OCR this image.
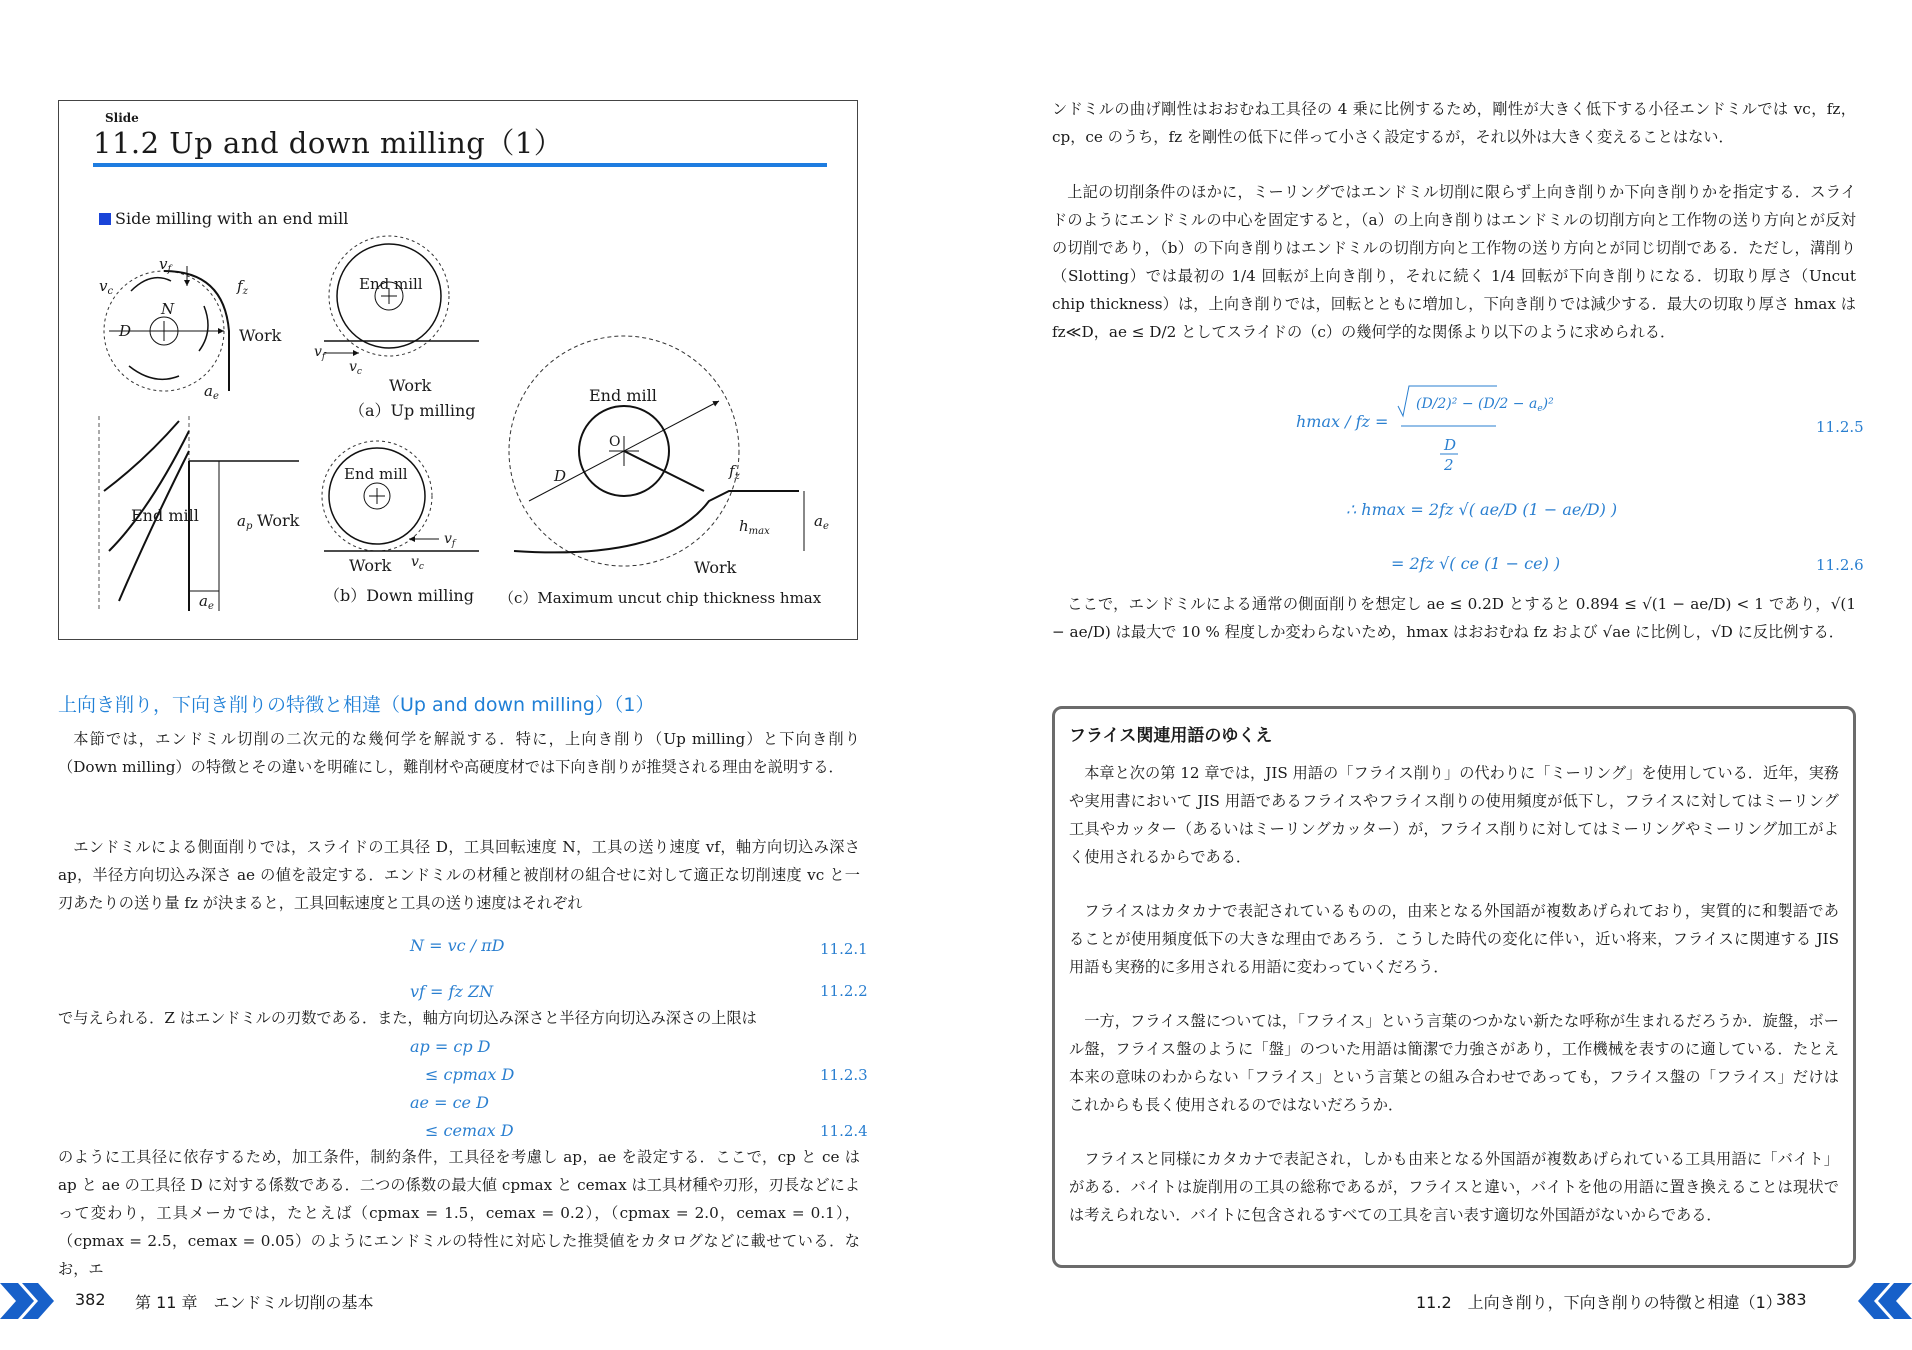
Slide
11.2 Up and down milling（1）
Side milling with an end mill
$v_f$
$v_c$
N
D
$f_z$
Work
$a_e$
End mill	$a_p$ Work
$a_e$
End mill
$v_f$
$v_c$
Work
（a）Up milling
End mill
$v_f$
$v_c$
Work
（b）Down milling
End mill
O
D	$f_z$
$h_{max}$
$a_e$
Work
（c）Maximum uncut chip thickness hmax
上向き削り，下向き削りの特徴と相違（Up and down milling）（1）

本節では，エンドミル切削の二次元的な幾何学を解説する．特に，上向き削り（Up milling）と下向き削り（Down milling）の特徴とその違いを明確にし，難削材や高硬度材では下向き削りが推奨される理由を説明する．

エンドミルによる側面削りでは，スライドの工具径 D，工具回転速度 N，工具の送り速度 vf，軸方向切込み深さ ap，半径方向切込み深さ ae の値を設定する．エンドミルの材種と被削材の組合せに対して適正な切削速度 vc と一刃あたりの送り量 fz が決まると，工具回転速度と工具の送り速度はそれぞれ

N = vc / πD	11.2.1
vf = fz ZN	11.2.2

で与えられる．Z はエンドミルの刃数である．また，軸方向切込み深さと半径方向切込み深さの上限は

ap = cp D
≤ cpmax D	11.2.3
ae = ce D
≤ cemax D	11.2.4

のように工具径に依存するため，加工条件，制約条件，工具径を考慮し ap，ae を設定する．ここで，cp と ce は ap と ae の工具径 D に対する係数である．二つの係数の最大値 cpmax と cemax は工具材種や刃形，刃長などによって変わり，工具メーカでは，たとえば（cpmax = 1.5，cemax = 0.2），（cpmax = 2.0，cemax = 0.1），（cpmax = 2.5，cemax = 0.05）のようにエンドミルの特性に対応した推奨値をカタログなどに載せている．なお，エ

382 第 11 章　エンドミル切削の基本

ンドミルの曲げ剛性はおおむね工具径の 4 乗に比例するため，剛性が大きく低下する小径エンドミルでは vc，fz，cp，ce のうち，fz を剛性の低下に伴って小さく設定するが，それ以外は大きく変えることはない．

上記の切削条件のほかに，ミーリングではエンドミル切削に限らず上向き削りか下向き削りかを指定する．スライドのようにエンドミルの中心を固定すると，（a）の上向き削りはエンドミルの切削方向と工作物の送り方向とが反対の切削であり，（b）の下向き削りはエンドミルの切削方向と工作物の送り方向とが同じ切削である．ただし，溝削り（Slotting）では最初の 1/4 回転が上向き削り，それに続く 1/4 回転が下向き削りになる．切取り厚さ（Uncut chip thickness）は，上向き削りでは，回転とともに増加し，下向き削りでは減少する．最大の切取り厚さ hmax は fz≪D，ae ≤ D/2 としてスライドの（c）の幾何学的な関係より以下のように求められる．

$(D/2)^2 - (D/2 - a_e)^2$
D
2
hmax / fz =	11.2.5
∴ hmax = 2fz √( ae/D (1 − ae/D) )
= 2fz √( ce (1 − ce) )	11.2.6

ここで，エンドミルによる通常の側面削りを想定し ae ≤ 0.2D とすると 0.894 ≤ √(1 − ae/D) < 1 であり，√(1 − ae/D) は最大で 10 % 程度しか変わらないため，hmax はおおむね fz および √ae に比例し，√D に反比例する．

フライス関連用語のゆくえ

本章と次の第 12 章では，JIS 用語の「フライス削り」の代わりに「ミーリング」を使用している．近年，実務や実用書において JIS 用語であるフライスやフライス削りの使用頻度が低下し，フライスに対してはミーリング工具やカッター（あるいはミーリングカッター）が，フライス削りに対してはミーリングやミーリング加工がよく使用されるからである．

フライスはカタカナで表記されているものの，由来となる外国語が複数あげられており，実質的に和製語であることが使用頻度低下の大きな理由であろう．こうした時代の変化に伴い，近い将来，フライスに関連する JIS 用語も実務的に多用される用語に変わっていくだろう．

一方，フライス盤については，「フライス」という言葉のつかない新たな呼称が生まれるだろうか．旋盤，ボール盤，フライス盤のように「盤」のついた用語は簡潔で力強さがあり，工作機械を表すのに適している．たとえ本来の意味のわからない「フライス」という言葉との組み合わせであっても，フライス盤の「フライス」だけはこれからも長く使用されるのではないだろうか．

フライスと同様にカタカナで表記され，しかも由来となる外国語が複数あげられている工具用語に「バイト」がある．バイトは旋削用の工具の総称であるが，フライスと違い，バイトを他の用語に置き換えることは現状では考えられない．バイトに包含されるすべての工具を言い表す適切な外国語がないからである．

11.2　上向き削り，下向き削りの特徴と相違（1）
383
